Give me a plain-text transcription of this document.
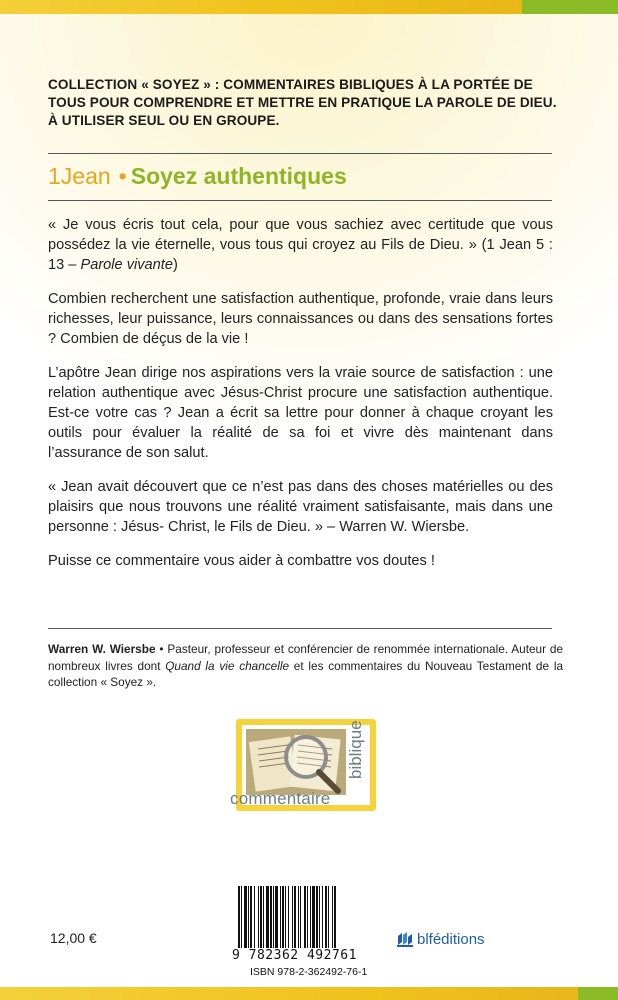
COLLECTION « SOYEZ » : COMMENTAIRES BIBLIQUES À LA PORTÉE DE TOUS POUR COMPRENDRE ET METTRE EN PRATIQUE LA PAROLE DE DIEU. À UTILISER SEUL OU EN GROUPE.
1Jean • Soyez authentiques

« Je vous écris tout cela, pour que vous sachiez avec certitude que vous possédez la vie éternelle, vous tous qui croyez au Fils de Dieu. » (1 Jean 5 : 13 – Parole vivante)

Combien recherchent une satisfaction authentique, profonde, vraie dans leurs richesses, leur puissance, leurs connaissances ou dans des sensations fortes ? Combien de déçus de la vie !

L’apôtre Jean dirige nos aspirations vers la vraie source de satisfaction : une relation authentique avec Jésus-Christ procure une satisfaction authentique. Est-ce votre cas ? Jean a écrit sa lettre pour donner à chaque croyant les outils pour évaluer la réalité de sa foi et vivre dès maintenant dans l’assurance de son salut.

« Jean avait découvert que ce n’est pas dans des choses matérielles ou des plaisirs que nous trouvons une réalité vraiment satisfaisante, mais dans une personne : Jésus- Christ, le Fils de Dieu. » – Warren W. Wiersbe.

Puisse ce commentaire vous aider à combattre vos doutes !

Warren W. Wiersbe • Pasteur, professeur et conférencier de renommée internationale. Auteur de nombreux livres dont Quand la vie chancelle et les commentaires du Nouveau Testament de la collection « Soyez ».
commentaire
biblique
9 782362 492761
ISBN 978-2-362492-76-1
12,00 €	blféditions
